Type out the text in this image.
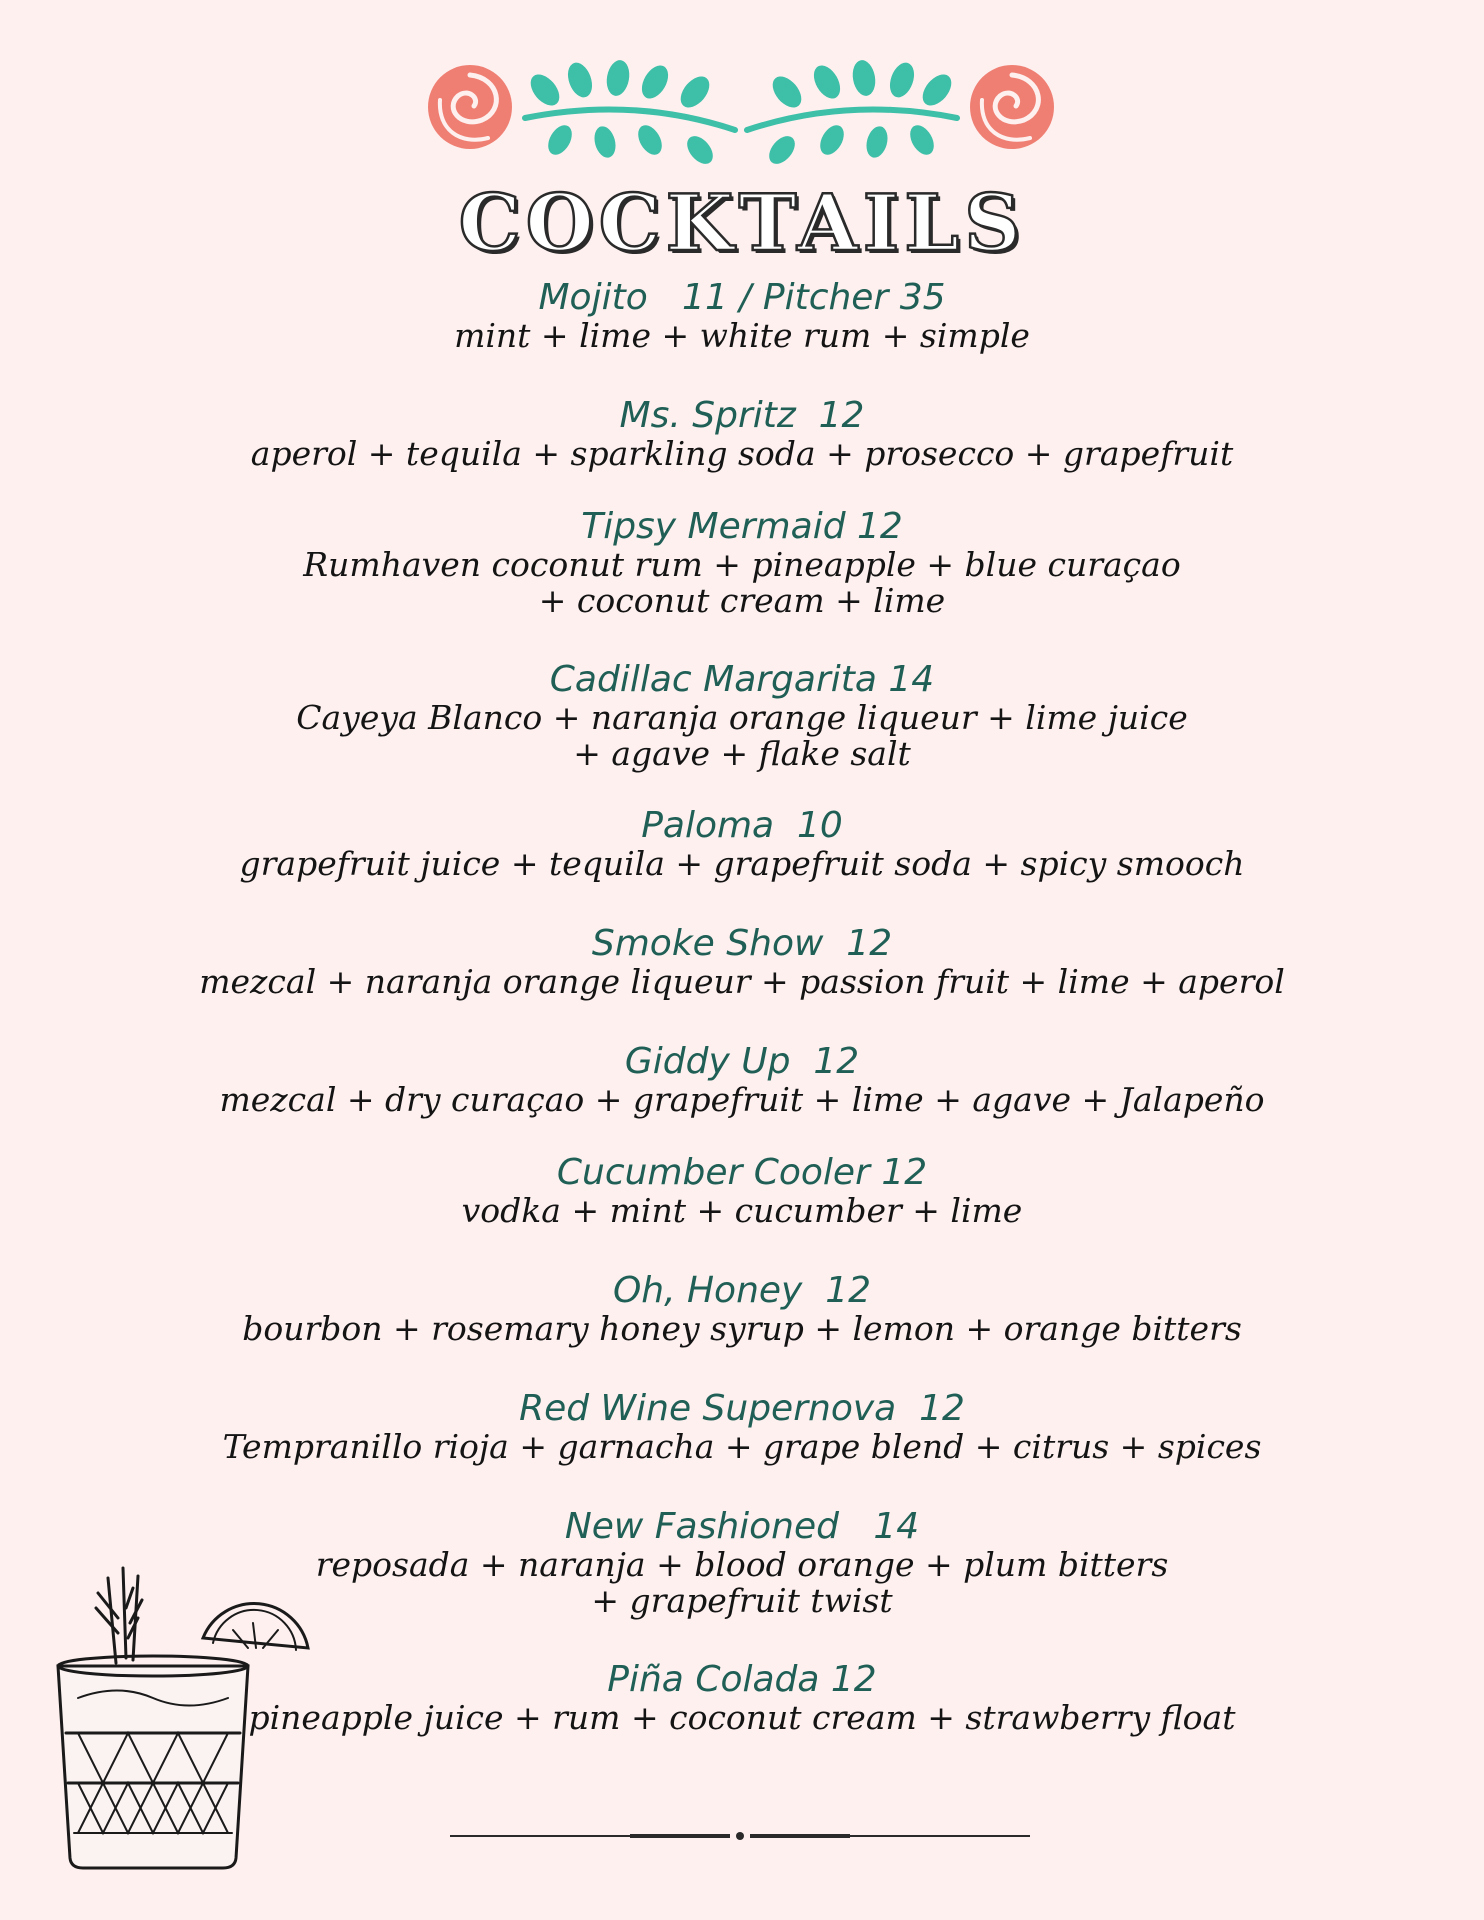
COCKTAILS
Mojito   11 / Pitcher 35
mint + lime + white rum + simple
Ms. Spritz  12
aperol + tequila + sparkling soda + prosecco + grapefruit
Tipsy Mermaid 12
Rumhaven coconut rum + pineapple + blue curaçao
+ coconut cream + lime
Cadillac Margarita 14
Cayeya Blanco + naranja orange liqueur + lime juice
+ agave + flake salt
Paloma  10
grapefruit juice + tequila + grapefruit soda + spicy smooch
Smoke Show  12
mezcal + naranja orange liqueur + passion fruit + lime + aperol
Giddy Up  12
mezcal + dry curaçao + grapefruit + lime + agave + Jalapeño
Cucumber Cooler 12
vodka + mint + cucumber + lime
Oh, Honey  12
bourbon + rosemary honey syrup + lemon + orange bitters
Red Wine Supernova  12
Tempranillo rioja + garnacha + grape blend + citrus + spices
New Fashioned   14
reposada + naranja + blood orange + plum bitters
+ grapefruit twist
Piña Colada 12
pineapple juice + rum + coconut cream + strawberry float
